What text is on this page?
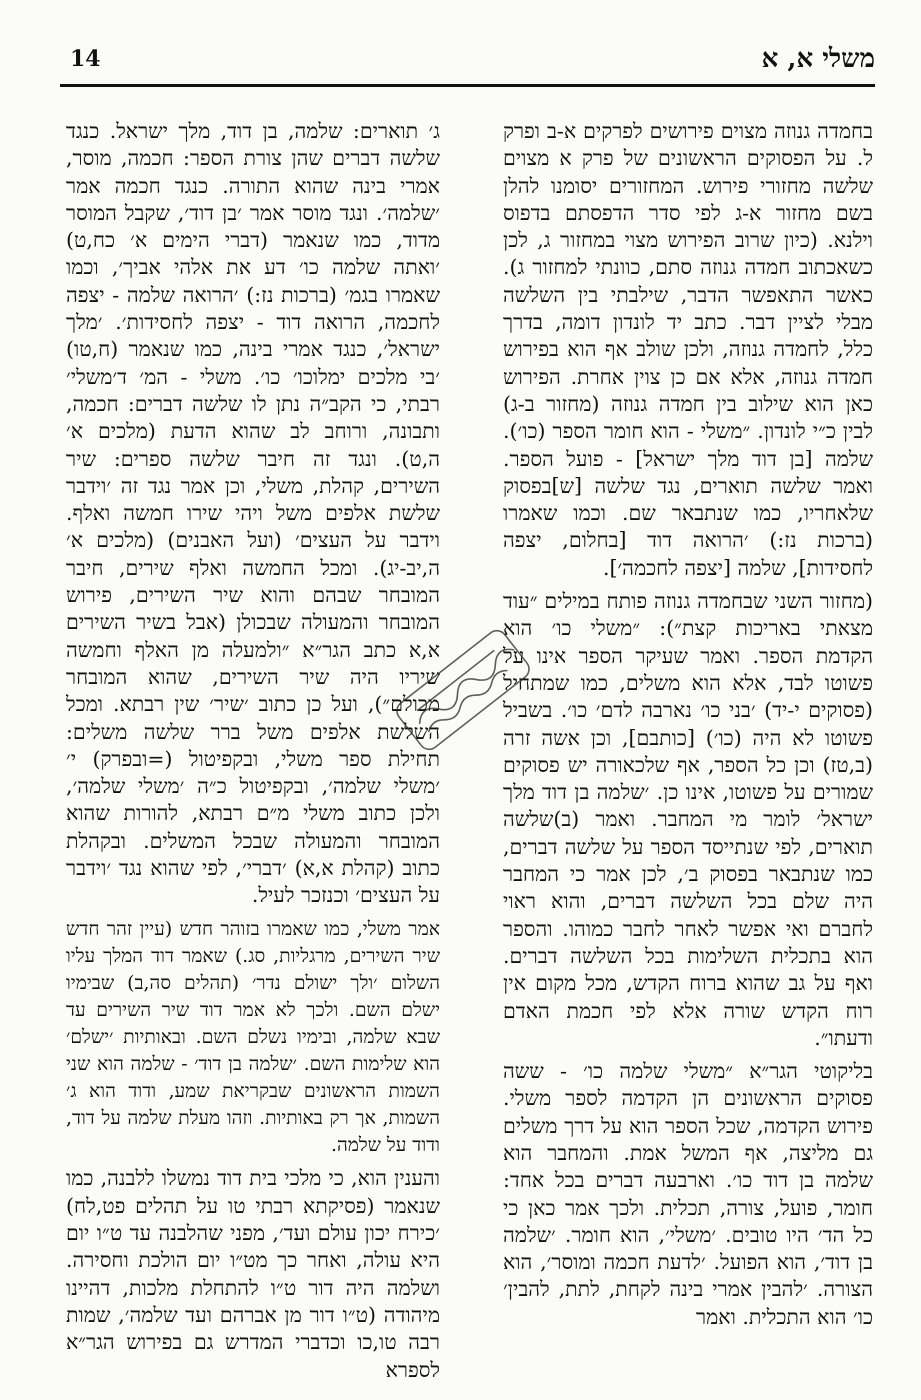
14	משלי א, א

בחמדה גנוזה מצוים פירושים לפרקים א-ב ופרק ל. על הפסוקים הראשונים של פרק א מצוים שלשה מחזורי פירוש. המחזורים יסומנו להלן בשם מחזור א-ג לפי סדר הדפסתם בדפוס וילנא. (כיון שרוב הפירוש מצוי במחזור ג, לכן כשאכתוב חמדה גנוזה סתם, כוונתי למחזור ג). כאשר התאפשר הדבר, שילבתי בין השלשה מבלי לציין דבר. כתב יד לונדון דומה, בדרך כלל, לחמדה גנוזה, ולכן שולב אף הוא בפירוש חמדה גנוזה, אלא אם כן צוין אחרת. הפירוש כאן הוא שילוב בין חמדה גנוזה (מחזור ב-ג) לבין כ״י לונדון. ״משלי - הוא חומר הספר (כו׳). שלמה [בן דוד מלך ישראל] - פועל הספר. ואמר שלשה תוארים, נגד שלשה [ש]בפסוק שלאחריו, כמו שנתבאר שם. וכמו שאמרו (ברכות נז:) ׳הרואה דוד [בחלום, יצפה לחסידות], שלמה [יצפה לחכמה׳].

(מחזור השני שבחמדה גנוזה פותח במילים ״עוד מצאתי באריכות קצת״): ״משלי כו׳ הוא הקדמת הספר. ואמר שעיקר הספר אינו על פשוטו לבד, אלא הוא משלים, כמו שמתחיל (פסוקים י-יד) ׳בני כו׳ נארבה לדם׳ כו׳. בשביל פשוטו לא היה (כו׳) [כותבם], וכן אשה זרה (ב,טז) וכן כל הספר, אף שלכאורה יש פסוקים שמורים על פשוטו, אינו כן. ׳שלמה בן דוד מלך ישראל׳ לומר מי המחבר. ואמר (ב)שלשה תוארים, לפי שנתייסד הספר על שלשה דברים, כמו שנתבאר בפסוק ב׳, לכן אמר כי המחבר היה שלם בכל השלשה דברים, והוא ראוי לחברם ואי אפשר לאחר לחבר כמוהו. והספר הוא בתכלית השלימות בכל השלשה דברים. ואף על גב שהוא ברוח הקדש, מכל מקום אין רוח הקדש שורה אלא לפי חכמת האדם ודעתו״.

בליקוטי הגר״א ״משלי שלמה כו׳ - ששה פסוקים הראשונים הן הקדמה לספר משלי. פירוש הקדמה, שכל הספר הוא על דרך משלים גם מליצה, אף המשל אמת. והמחבר הוא שלמה בן דוד כו׳. וארבעה דברים בכל אחד: חומר, פועל, צורה, תכלית. ולכך אמר כאן כי כל הד׳ היו טובים. ׳משלי׳, הוא חומר. ׳שלמה בן דוד׳, הוא הפועל. ׳לדעת חכמה ומוסר׳, הוא הצורה. ׳להבין אמרי בינה לקחת, לתת, להבין׳ כו׳ הוא התכלית. ואמר

ג׳ תוארים: שלמה, בן דוד, מלך ישראל. כנגד שלשה דברים שהן צורת הספר: חכמה, מוסר, אמרי בינה שהוא התורה. כנגד חכמה אמר ׳שלמה׳. ונגד מוסר אמר ׳בן דוד׳, שקבל המוסר מדוד, כמו שנאמר (דברי הימים א׳ כח,ט) ׳ואתה שלמה כו׳ דע את אלהי אביך׳, וכמו שאמרו בגמ׳ (ברכות נז:) ׳הרואה שלמה - יצפה לחכמה, הרואה דוד - יצפה לחסידות׳. ׳מלך ישראל׳, כנגד אמרי בינה, כמו שנאמר (ח,טו) ׳בי מלכים ימלוכו׳ כו׳. משלי - המ׳ ד׳משלי׳ רבתי, כי הקב״ה נתן לו שלשה דברים: חכמה, ותבונה, ורוחב לב שהוא הדעת (מלכים א׳ ה,ט). ונגד זה חיבר שלשה ספרים: שיר השירים, קהלת, משלי, וכן אמר נגד זה ׳וידבר שלשת אלפים משל ויהי שירו חמשה ואלף. וידבר על העצים׳ (ועל האבנים) (מלכים א׳ ה,יב-יג). ומכל החמשה ואלף שירים, חיבר המובחר שבהם והוא שיר השירים, פירוש המובחר והמעולה שבכולן (אבל בשיר השירים א,א כתב הגר״א ״ולמעלה מן האלף וחמשה שיריו היה שיר השירים, שהוא המובחר מכולם״), ועל כן כתוב ׳שיר׳ שין רבתא. ומכל השלשת אלפים משל ברר שלשה משלים: תחילת ספר משלי, ובקפיטול (=ובפרק) י׳ ׳משלי שלמה׳, ובקפיטול כ״ה ׳משלי שלמה׳, ולכן כתוב משלי מ״ם רבתא, להורות שהוא המובחר והמעולה שבכל המשלים. ובקהלת כתוב (קהלת א,א) ׳דברי׳, לפי שהוא נגד ׳וידבר על העצים׳ וכנזכר לעיל.

אמר משלי, כמו שאמרו בזוהר חדש (עיין זהר חדש שיר השירים, מרגליות, סג.) שאמר דוד המלך עליו השלום ׳ולך ישולם נדר׳ (תהלים סה,ב) שבימיו ישלם השם. ולכך לא אמר דוד שיר השירים עד שבא שלמה, ובימיו נשלם השם. ובאותיות ׳ישלם׳ הוא שלימות השם. ׳שלמה בן דוד׳ - שלמה הוא שני השמות הראשונים שבקריאת שמע, ודוד הוא ג׳ השמות, אך רק באותיות. וזהו מעלת שלמה על דוד, ודוד על שלמה.

והענין הוא, כי מלכי בית דוד נמשלו ללבנה, כמו שנאמר (פסיקתא רבתי טו על תהלים פט,לח) ׳כירח יכון עולם ועד׳, מפני שהלבנה עד ט״ו יום היא עולה, ואחר כך מט״ו יום הולכת וחסירה. ושלמה היה דור ט״ו להתחלת מלכות, דהיינו מיהודה (ט״ו דור מן אברהם ועד שלמה׳, שמות רבה טו,כו וכדברי המדרש גם בפירוש הגר״א לספרא
